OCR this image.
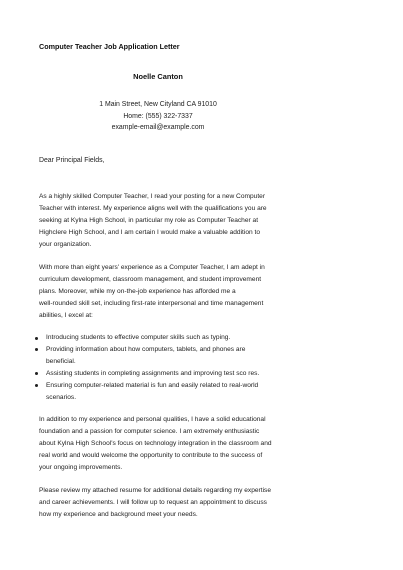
Computer Teacher Job Application Letter
Noelle Canton
1 Main Street, New Cityland CA 91010
Home: (555) 322-7337
example-email@example.com
Dear Principal Fields,
As a highly skilled Computer Teacher, I read your posting for a new Computer
Teacher with interest. My experience aligns well with the qualifications you are
seeking at Kylna High School, in particular my role as Computer Teacher at
Highclere High School, and I am certain I would make a valuable addition to
your organization.
With more than eight years' experience as a Computer Teacher, I am adept in
curriculum development, classroom management, and student improvement
plans. Moreover, while my on-the-job experience has afforded me a
well-rounded skill set, including first-rate interpersonal and time management
abilities, I excel at:
Introducing students to effective computer skills such as typing.
Providing information about how computers, tablets, and phones are
beneficial.
Assisting students in completing assignments and improving test sco res.
Ensuring computer-related material is fun and easily related to real-world
scenarios.
In addition to my experience and personal qualities, I have a solid educational
foundation and a passion for computer science. I am extremely enthusiastic
about Kylna High School's focus on technology integration in the classroom and
real world and would welcome the opportunity to contribute to the success of
your ongoing improvements.
Please review my attached resume for additional details regarding my expertise
and career achievements. I will follow up to request an appointment to discuss
how my experience and background meet your needs.
